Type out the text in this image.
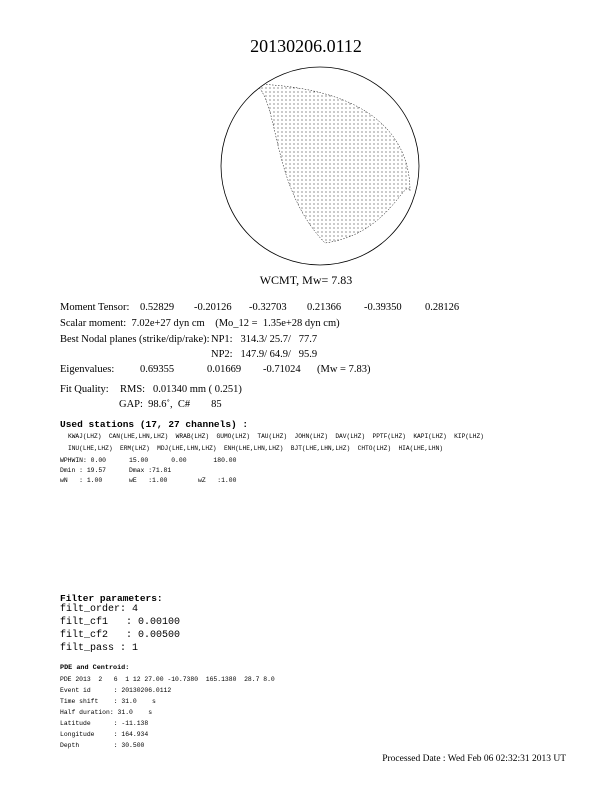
20130206.0112
WCMT, Mw= 7.83
Moment Tensor: 0.52829 -0.20126 -0.32703 0.21366 -0.39350 0.28126
Scalar moment:  7.02e+27 dyn cm    (Mo_12 =  1.35e+28 dyn cm)
Best Nodal planes (strike/dip/rake): NP1:   314.3/ 25.7/   77.7
NP2:   147.9/ 64.9/   95.9
Eigenvalues: 0.69355	0.01669 -0.71024 (Mw = 7.83)
Fit Quality: RMS:   0.01340 mm ( 0.251)
GAP:  98.6˚,  C#        85
Used stations (17, 27 channels) :
KWAJ(LHZ)  CAN(LHE,LHN,LHZ)  WRAB(LHZ)  GUMO(LHZ)  TAU(LHZ)  JOHN(LHZ)  DAV(LHZ)  PPTF(LHZ)  KAPI(LHZ)  KIP(LHZ)
INU(LHE,LHZ)  ERM(LHZ)  MDJ(LHE,LHN,LHZ)  ENH(LHE,LHN,LHZ)  BJT(LHE,LHN,LHZ)  CHTO(LHZ)  HIA(LHE,LHN)
WPHWIN: 0.00      15.00      0.00       180.00
Dmin : 19.57      Dmax :71.81
wN   : 1.00       wE   :1.00        wZ   :1.00
Filter parameters:
filt_order: 4
filt_cf1   : 0.00100
filt_cf2   : 0.00500
filt_pass : 1
PDE and Centroid:
PDE 2013  2   6  1 12 27.00 -10.7380  165.1380  28.7 8.0
Event id      : 20130206.0112
Time shift    : 31.0    s
Half duration: 31.0    s
Latitude      : -11.138
Longitude     : 164.934
Depth         : 30.500
Processed Date : Wed Feb 06 02:32:31 2013 UT
